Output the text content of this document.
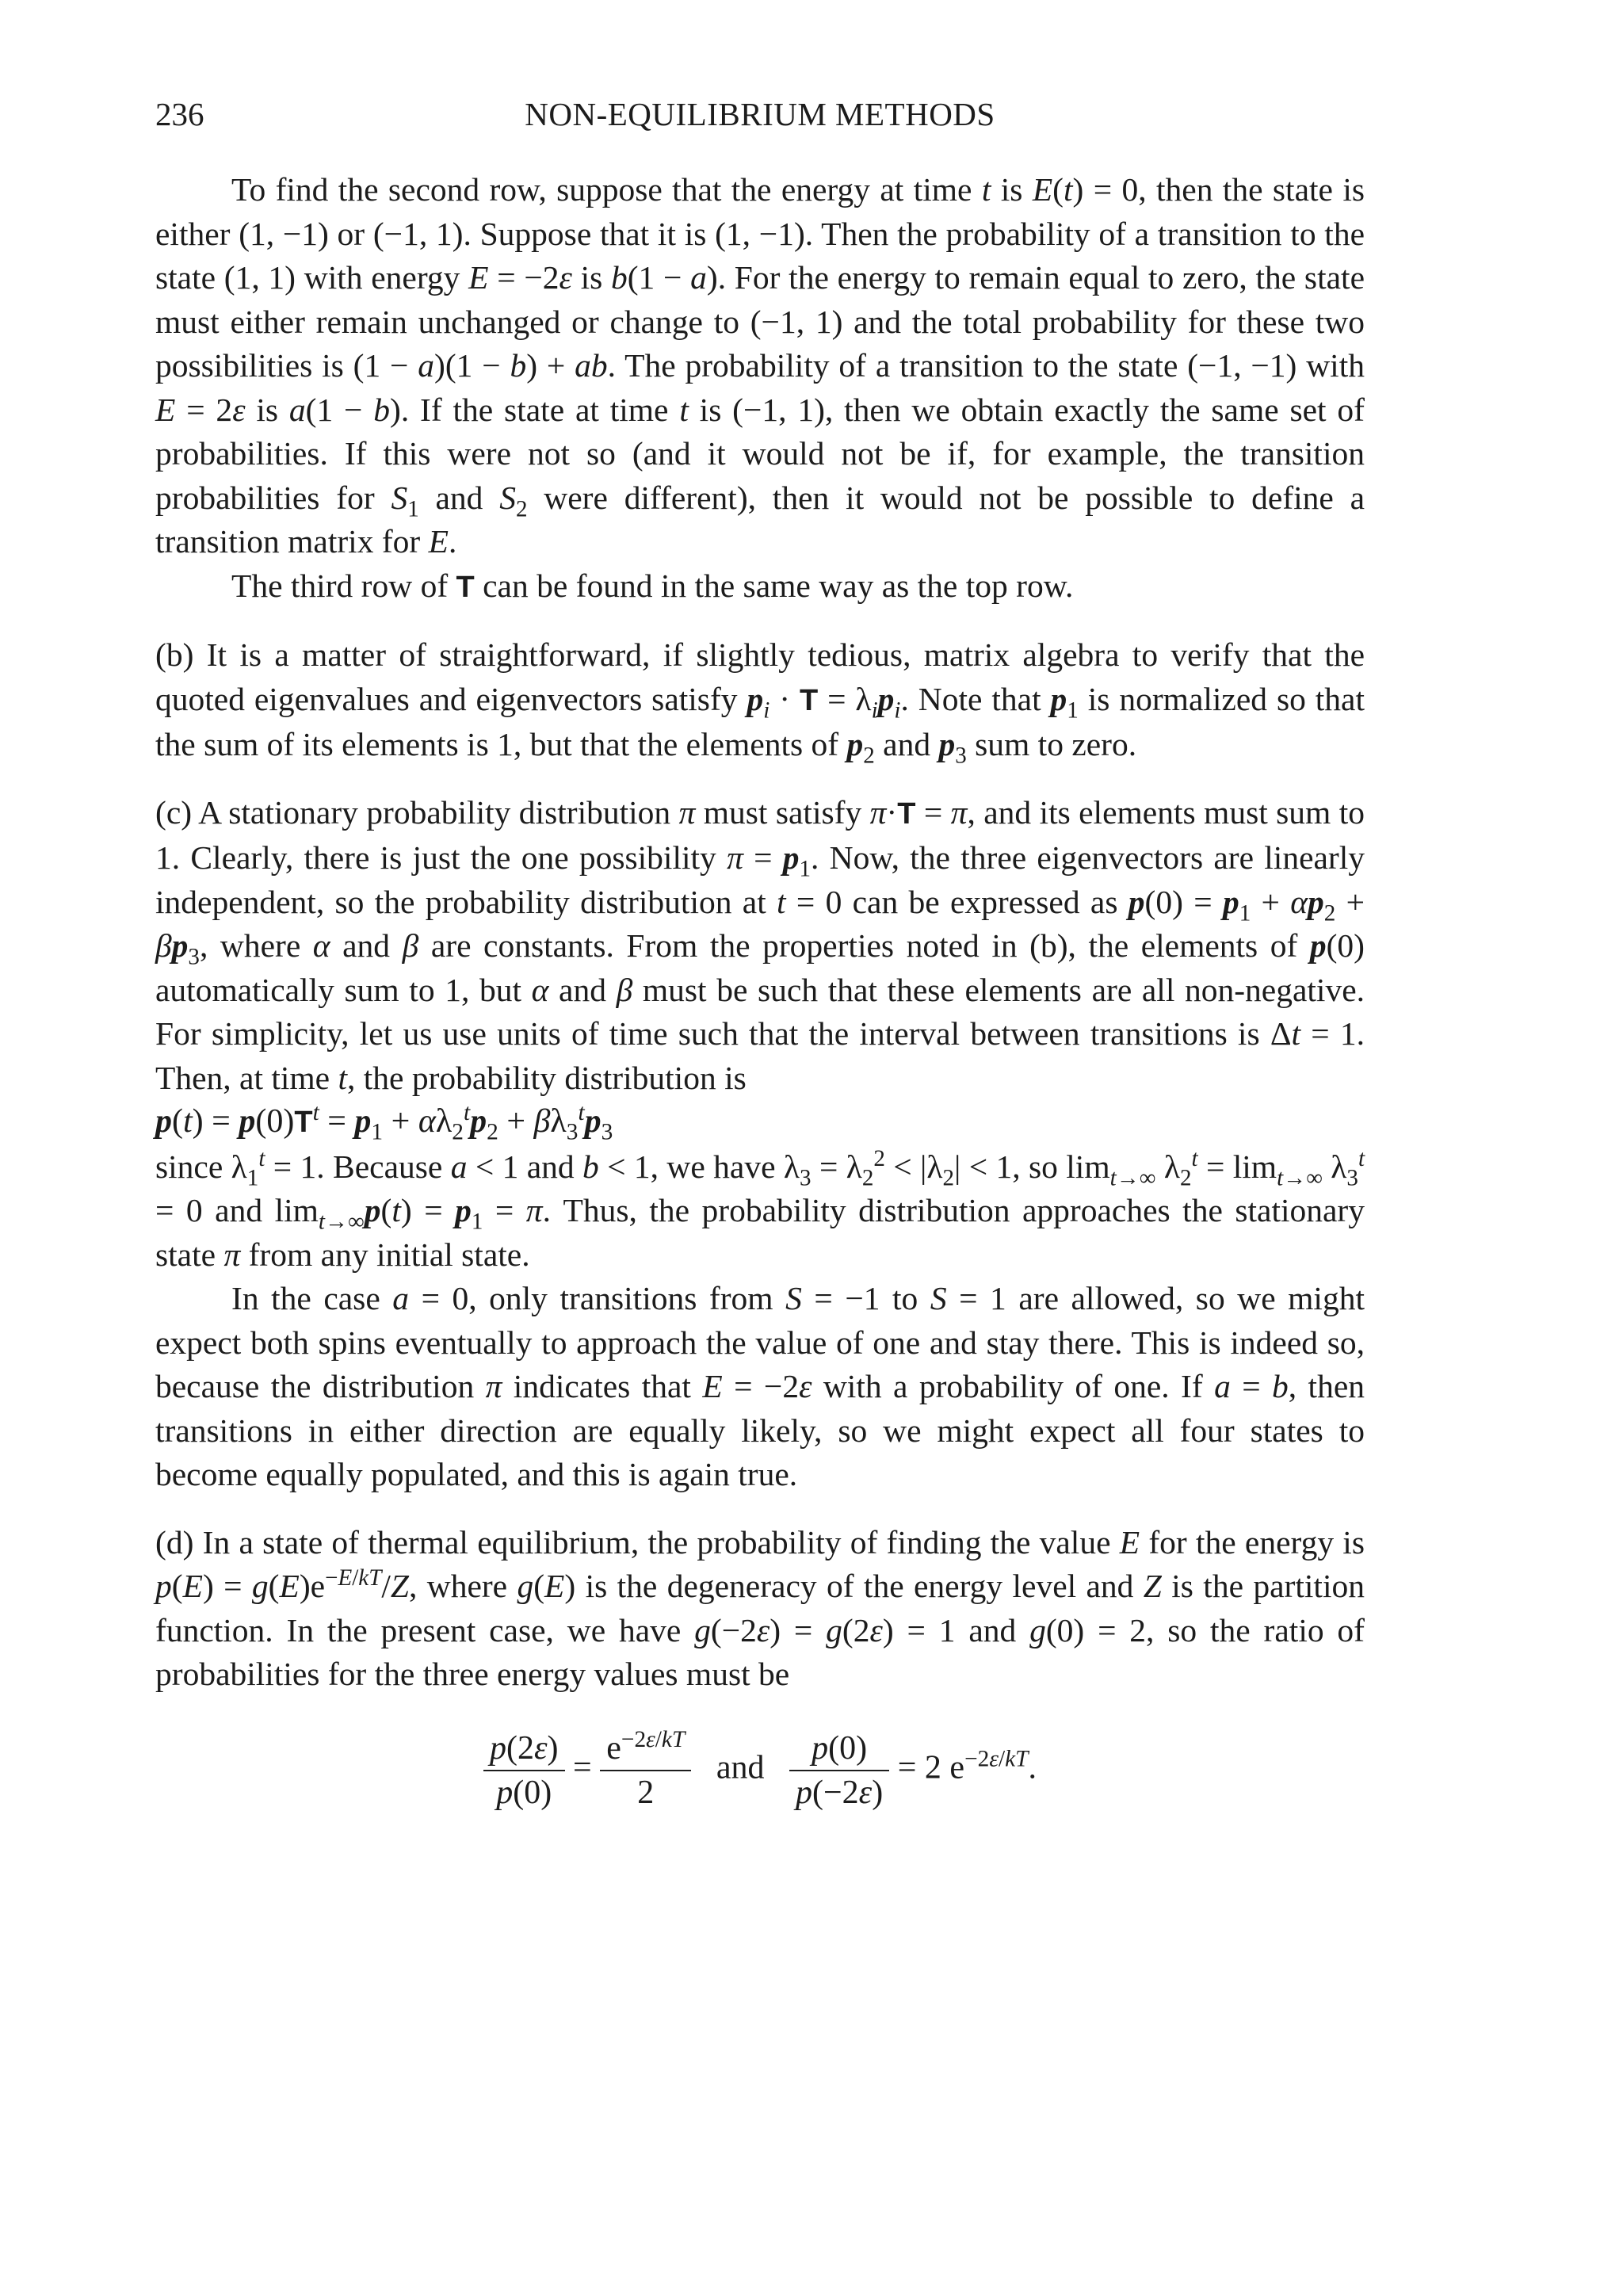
236	NON-EQUILIBRIUM METHODS

To find the second row, suppose that the energy at time t is E(t) = 0, then the state is either (1, −1) or (−1, 1). Suppose that it is (1, −1). Then the probability of a transition to the state (1, 1) with energy E = −2ε is b(1 − a). For the energy to remain equal to zero, the state must either remain unchanged or change to (−1, 1) and the total probability for these two possibilities is (1 − a)(1 − b) + ab. The probability of a transition to the state (−1, −1) with E = 2ε is a(1 − b). If the state at time t is (−1, 1), then we obtain exactly the same set of probabilities. If this were not so (and it would not be if, for example, the transition probabilities for $S_1$ and $S_2$ were different), then it would not be possible to define a transition matrix for E.

The third row of T can be found in the same way as the top row.

(b) It is a matter of straightforward, if slightly tedious, matrix algebra to verify that the quoted eigenvalues and eigenvectors satisfy $p_i \cdot T = \lambda_ip_i$. Note that $p_1$ is normalized so that the sum of its elements is 1, but that the elements of $p_2$ and $p_3$ sum to zero.

(c) A stationary probability distribution π must satisfy π·T = π, and its elements must sum to 1. Clearly, there is just the one possibility $\pi = p_1$. Now, the three eigenvectors are linearly independent, so the probability distribution at t = 0 can be expressed as $p(0) = p_1 + \alpha p_2 + \beta p_3$, where α and β are constants. From the properties noted in (b), the elements of p(0) automatically sum to 1, but α and β must be such that these elements are all non-negative. For simplicity, let us use units of time such that the interval between transitions is Δt = 1. Then, at time t, the probability distribution is

$p(t) = p(0)T^t = p_1 + \alpha\lambda_2^tp_2 + \beta\lambda_3^tp_3$

since $\lambda_1^t = 1$. Because a < 1 and b < 1, we have $\lambda_3 = \lambda_2^2 < |\lambda_2| < 1$, so $\lim_{t\to\infty} \lambda_2^t = \lim_{t\to\infty} \lambda_3^t = 0$ and $\lim_{t\to\infty}p(t) = p_1 = \pi$. Thus, the probability distribution approaches the stationary state π from any initial state.

In the case a = 0, only transitions from S = −1 to S = 1 are allowed, so we might expect both spins eventually to approach the value of one and stay there. This is indeed so, because the distribution π indicates that E = −2ε with a probability of one. If a = b, then transitions in either direction are equally likely, so we might expect all four states to become equally populated, and this is again true.

(d) In a state of thermal equilibrium, the probability of finding the value E for the energy is $p(E) = g(E)e^{-E/kT}/Z$, where g(E) is the degeneracy of the energy level and Z is the partition function. In the present case, we have g(−2ε) = g(2ε) = 1 and g(0) = 2, so the ratio of probabilities for the three energy values must be

$\frac{p(2\varepsilon)}{p(0)} = \frac{e^{-2\varepsilon/kT}}{2}$ and $\frac{p(0)}{p(-2\varepsilon)} = 2$ $e^{-2\varepsilon/kT}$.
